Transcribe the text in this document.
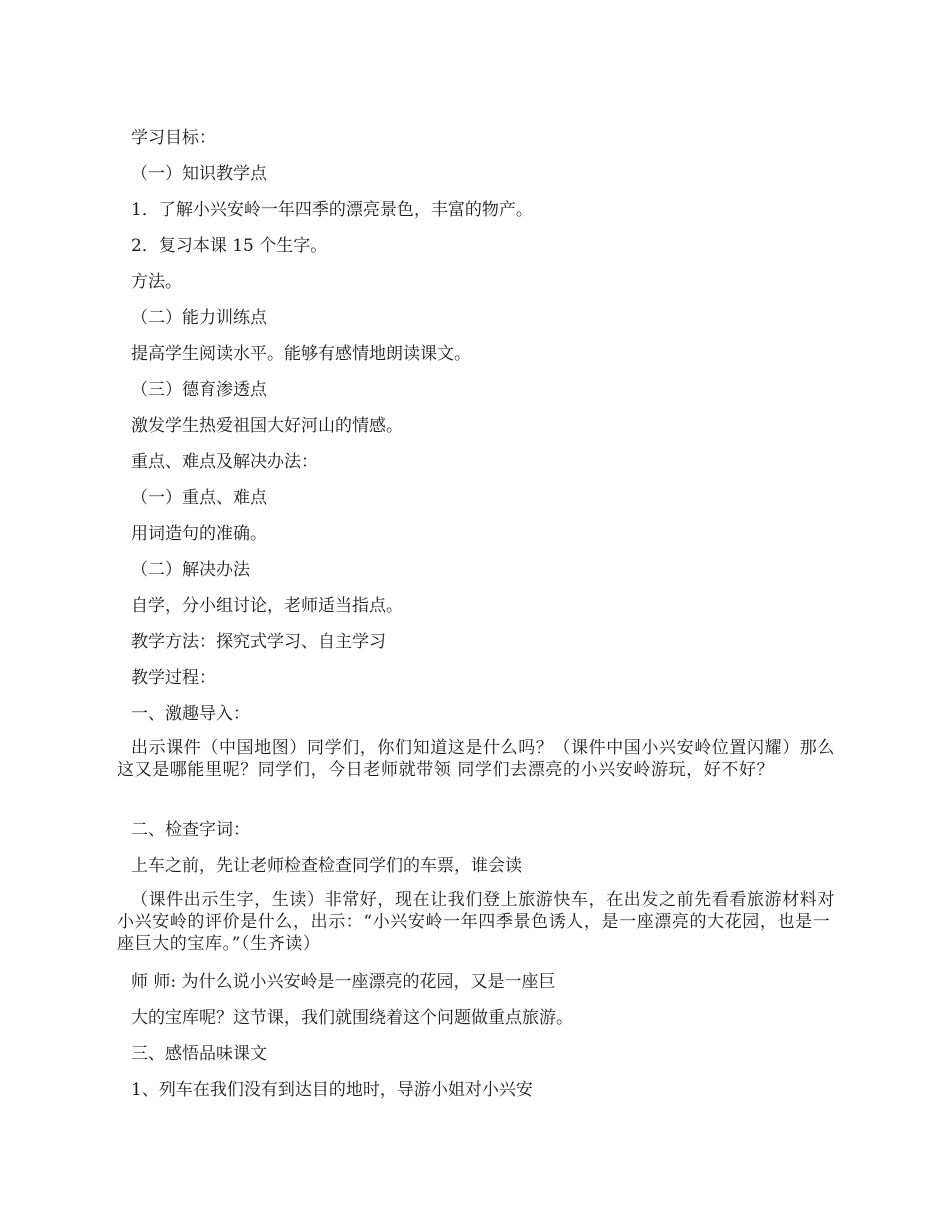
学习目标：
（一）知识教学点
1．了解小兴安岭一年四季的漂亮景色，丰富的物产。
2．复习本课 15 个生字。
方法。
（二）能力训练点
提高学生阅读水平。能够有感情地朗读课文。
（三）德育渗透点
激发学生热爱祖国大好河山的情感。
重点、难点及解决办法：
（一）重点、难点
用词造句的准确。
（二）解决办法
自学，分小组讨论，老师适当指点。
教学方法：探究式学习、自主学习
教学过程：
一、激趣导入：
出示课件（中国地图）同学们，你们知道这是什么吗？（课件中国小兴安岭位置闪耀）那么这又是哪能里呢？同学们，今日老师就带领 同学们去漂亮的小兴安岭游玩，好不好？
二、检查字词：
上车之前，先让老师检查检查同学们的车票，谁会读
（课件出示生字，生读）非常好，现在让我们登上旅游快车，在出发之前先看看旅游材料对小兴安岭的评价是什么，出示：“小兴安岭一年四季景色诱人，是一座漂亮的大花园，也是一座巨大的宝库。”（生齐读）
师 师: 为什么说小兴安岭是一座漂亮的花园，又是一座巨
大的宝库呢？这节课，我们就围绕着这个问题做重点旅游。
三、感悟品味课文
1、列车在我们没有到达目的地时，导游小姐对小兴安
